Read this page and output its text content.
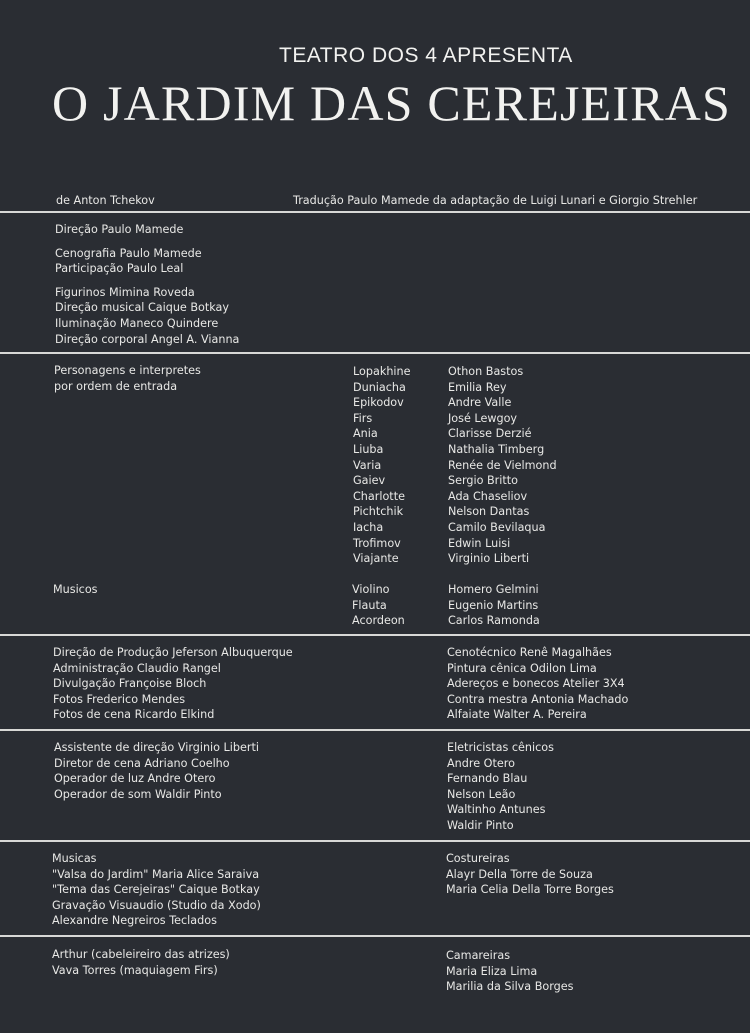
TEATRO DOS 4 APRESENTA
O JARDIM DAS CEREJEIRAS
de Anton Tchekov	Tradução Paulo Mamede da adaptação de Luigi Lunari e Giorgio Strehler
Direção Paulo Mamede
Cenografia Paulo Mamede
Participação Paulo Leal
Figurinos Mimina Roveda
Direção musical Caique Botkay
Iluminação Maneco Quindere
Direção corporal Angel A. Vianna
Personagens e interpretes
por ordem de entrada
Lopakhine
Duniacha
Epikodov
Firs
Ania
Liuba
Varia
Gaiev
Charlotte
Pichtchik
Iacha
Trofimov
Viajante
Othon Bastos
Emilia Rey
Andre Valle
José Lewgoy
Clarisse Derzié
Nathalia Timberg
Renée de Vielmond
Sergio Britto
Ada Chaseliov
Nelson Dantas
Camilo Bevilaqua
Edwin Luisi
Virginio Liberti
Musicos	Violino
Flauta
Acordeon
Homero Gelmini
Eugenio Martins
Carlos Ramonda
Direção de Produção Jeferson Albuquerque
Administração Claudio Rangel
Divulgação Françoise Bloch
Fotos Frederico Mendes
Fotos de cena Ricardo Elkind
Cenotécnico Renê Magalhães
Pintura cênica Odilon Lima
Adereços e bonecos Atelier 3X4
Contra mestra Antonia Machado
Alfaiate Walter A. Pereira
Assistente de direção Virginio Liberti
Diretor de cena Adriano Coelho
Operador de luz Andre Otero
Operador de som Waldir Pinto
Eletricistas cênicos
Andre Otero
Fernando Blau
Nelson Leão
Waltinho Antunes
Waldir Pinto
Musicas
"Valsa do Jardim" Maria Alice Saraiva
"Tema das Cerejeiras" Caique Botkay
Gravação Visuaudio (Studio da Xodo)
Alexandre Negreiros Teclados
Costureiras
Alayr Della Torre de Souza
Maria Celia Della Torre Borges
Arthur (cabeleireiro das atrizes)
Vava Torres (maquiagem Firs)
Camareiras
Maria Eliza Lima
Marilia da Silva Borges
